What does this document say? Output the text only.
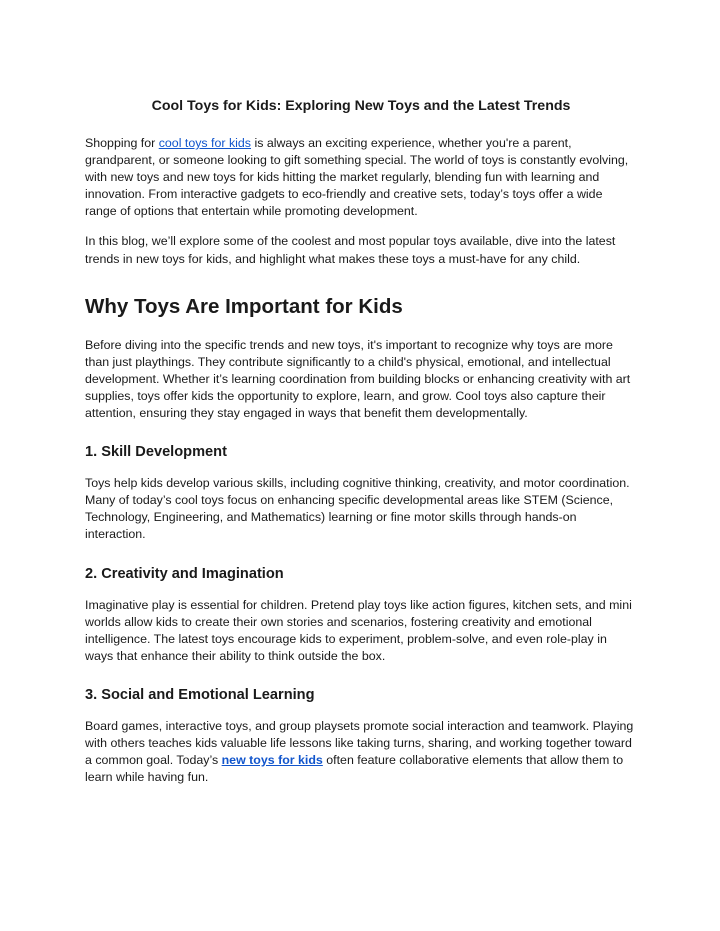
Cool Toys for Kids: Exploring New Toys and the Latest Trends

Shopping for cool toys for kids is always an exciting experience, whether you're a parent, grandparent, or someone looking to gift something special. The world of toys is constantly evolving, with new toys and new toys for kids hitting the market regularly, blending fun with learning and innovation. From interactive gadgets to eco-friendly and creative sets, today’s toys offer a wide range of options that entertain while promoting development.

In this blog, we’ll explore some of the coolest and most popular toys available, dive into the latest trends in new toys for kids, and highlight what makes these toys a must-have for any child.

Why Toys Are Important for Kids

Before diving into the specific trends and new toys, it's important to recognize why toys are more than just playthings. They contribute significantly to a child's physical, emotional, and intellectual development. Whether it’s learning coordination from building blocks or enhancing creativity with art supplies, toys offer kids the opportunity to explore, learn, and grow. Cool toys also capture their attention, ensuring they stay engaged in ways that benefit them developmentally.

1. Skill Development

Toys help kids develop various skills, including cognitive thinking, creativity, and motor coordination. Many of today’s cool toys focus on enhancing specific developmental areas like STEM (Science, Technology, Engineering, and Mathematics) learning or fine motor skills through hands-on interaction.

2. Creativity and Imagination

Imaginative play is essential for children. Pretend play toys like action figures, kitchen sets, and mini worlds allow kids to create their own stories and scenarios, fostering creativity and emotional intelligence. The latest toys encourage kids to experiment, problem-solve, and even role-play in ways that enhance their ability to think outside the box.

3. Social and Emotional Learning

Board games, interactive toys, and group playsets promote social interaction and teamwork. Playing with others teaches kids valuable life lessons like taking turns, sharing, and working together toward a common goal. Today’s new toys for kids often feature collaborative elements that allow them to learn while having fun.
